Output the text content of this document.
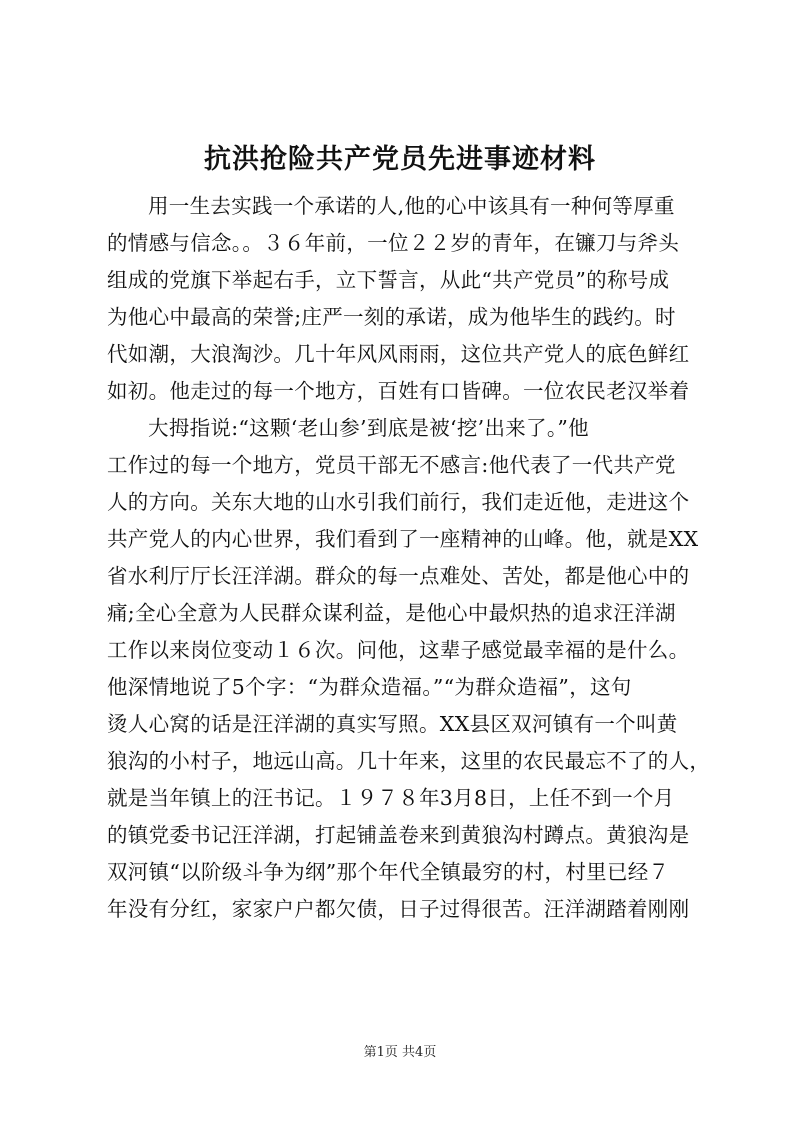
抗洪抢险共产党员先进事迹材料
用一生去实践一个承诺的人,他的心中该具有一种何等厚重
的情感与信念。。３６年前，一位２２岁的青年，在镰刀与斧头
组成的党旗下举起右手，立下誓言，从此“共产党员”的称号成
为他心中最高的荣誉;庄严一刻的承诺，成为他毕生的践约。时
代如潮，大浪淘沙。几十年风风雨雨，这位共产党人的底色鲜红
如初。他走过的每一个地方，百姓有口皆碑。一位农民老汉举着
大拇指说:“这颗‘老山参’到底是被‘挖’出来了。”他
工作过的每一个地方，党员干部无不感言:他代表了一代共产党
人的方向。关东大地的山水引我们前行，我们走近他，走进这个
共产党人的内心世界，我们看到了一座精神的山峰。他，就是XX
省水利厅厅长汪洋湖。群众的每一点难处、苦处，都是他心中的
痛;全心全意为人民群众谋利益，是他心中最炽热的追求汪洋湖
工作以来岗位变动１６次。问他，这辈子感觉最幸福的是什么。
他深情地说了5个字：“为群众造福。”“为群众造福”，这句
烫人心窝的话是汪洋湖的真实写照。XX县区双河镇有一个叫黄
狼沟的小村子，地远山高。几十年来，这里的农民最忘不了的人，
就是当年镇上的汪书记。１９７８年3月8日，上任不到一个月
的镇党委书记汪洋湖，打起铺盖卷来到黄狼沟村蹲点。黄狼沟是
双河镇“以阶级斗争为纲”那个年代全镇最穷的村，村里已经７
年没有分红，家家户户都欠债，日子过得很苦。汪洋湖踏着刚刚
第1页 共4页
